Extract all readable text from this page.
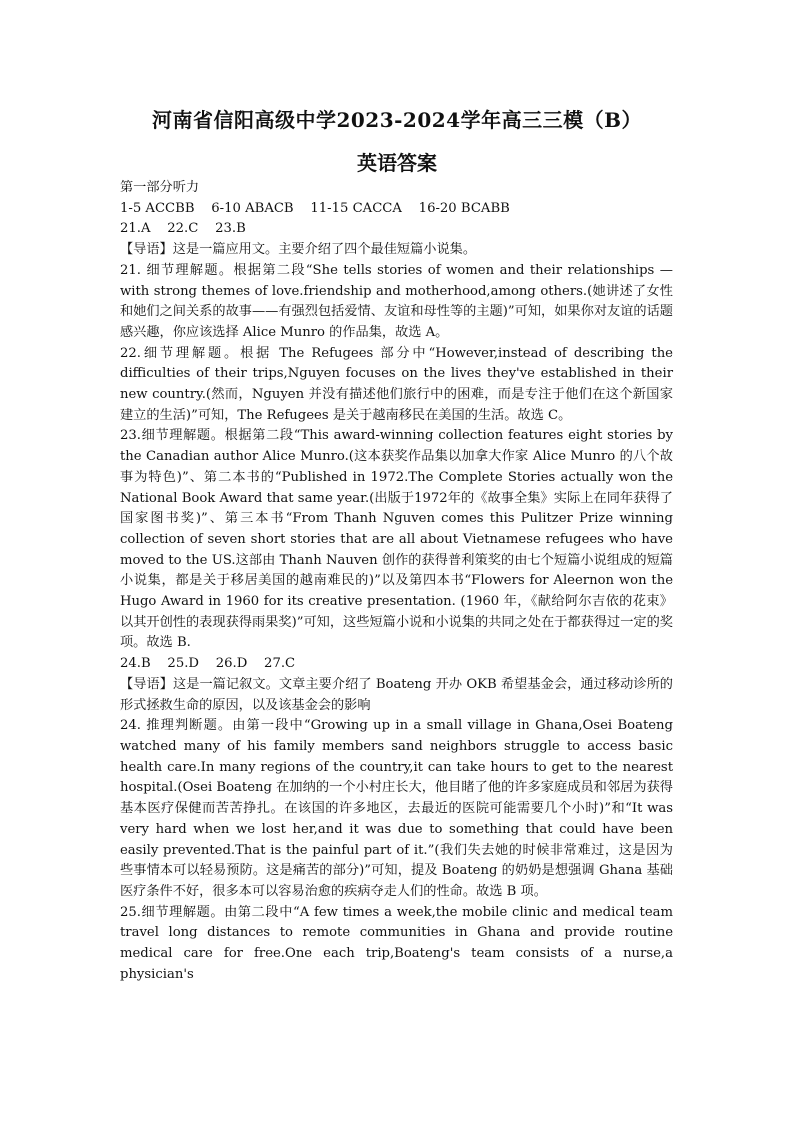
河南省信阳高级中学2023-2024学年高三三模（B）
英语答案

第一部分听力

1-5 ACCBB    6-10 ABACB    11-15 CACCA    16-20 BCABB

21.A    22.C    23.B

【导语】这是一篇应用文。主要介绍了四个最佳短篇小说集。

21. 细节理解题。根据第二段“She tells stories of women and their relationships —with strong themes of love.friendship and motherhood,among others.(她讲述了女性和她们之间关系的故事——有强烈包括爱情、友谊和母性等的主题)”可知，如果你对友谊的话题感兴趣，你应该选择 Alice Munro 的作品集，故选 A。

22.细节理解题。根据 The Refugees 部分中“However,instead of describing the difficulties of their trips,Nguyen focuses on the lives they've established in their new country.(然而，Nguyen 并没有描述他们旅行中的困难，而是专注于他们在这个新国家建立的生活)”可知，The Refugees 是关于越南移民在美国的生活。故选 C。

23.细节理解题。根据第二段“This award-winning collection features eight stories by the Canadian author Alice Munro.(这本获奖作品集以加拿大作家 Alice Munro 的八个故事为特色)”、第二本书的“Published in 1972.The Complete Stories actually won the National Book Award that same year.(出版于1972年的《故事全集》实际上在同年获得了国家图书奖)”、第三本书“From Thanh Nguven comes this Pulitzer Prize winning collection of seven short stories that are all about Vietnamese refugees who have moved to the US.这部由 Thanh Nauven 创作的获得普利策奖的由七个短篇小说组成的短篇小说集，都是关于移居美国的越南难民的)”以及第四本书“Flowers for Aleernon won the Hugo Award in 1960 for its creative presentation. (1960 年，《献给阿尔吉依的花束》以其开创性的表现获得雨果奖)”可知，这些短篇小说和小说集的共同之处在于都获得过一定的奖项。故选 B.

24.B    25.D    26.D    27.C

【导语】这是一篇记叙文。文章主要介绍了 Boateng 开办 OKB 希望基金会，通过移动诊所的形式拯救生命的原因，以及该基金会的影响

24. 推理判断题。由第一段中“Growing up in a small village in Ghana,Osei Boateng watched many of his family members sand neighbors struggle to access basic health care.In many regions of the country,it can take hours to get to the nearest hospital.(Osei Boateng 在加纳的一个小村庄长大，他目睹了他的许多家庭成员和邻居为获得基本医疗保健而苦苦挣扎。在该国的许多地区，去最近的医院可能需要几个小时)”和“It was very hard when we lost her,and it was due to something that could have been easily prevented.That is the painful part of it.”(我们失去她的时候非常难过，这是因为些事情本可以轻易预防。这是痛苦的部分)”可知，提及 Boateng 的奶奶是想强调 Ghana 基础医疗条件不好，很多本可以容易治愈的疾病夺走人们的性命。故选 B 项。

25.细节理解题。由第二段中“A few times a week,the mobile clinic and medical team travel long distances to remote communities in Ghana and provide routine medical care for free.One each trip,Boateng's team consists of a nurse,a physician's
